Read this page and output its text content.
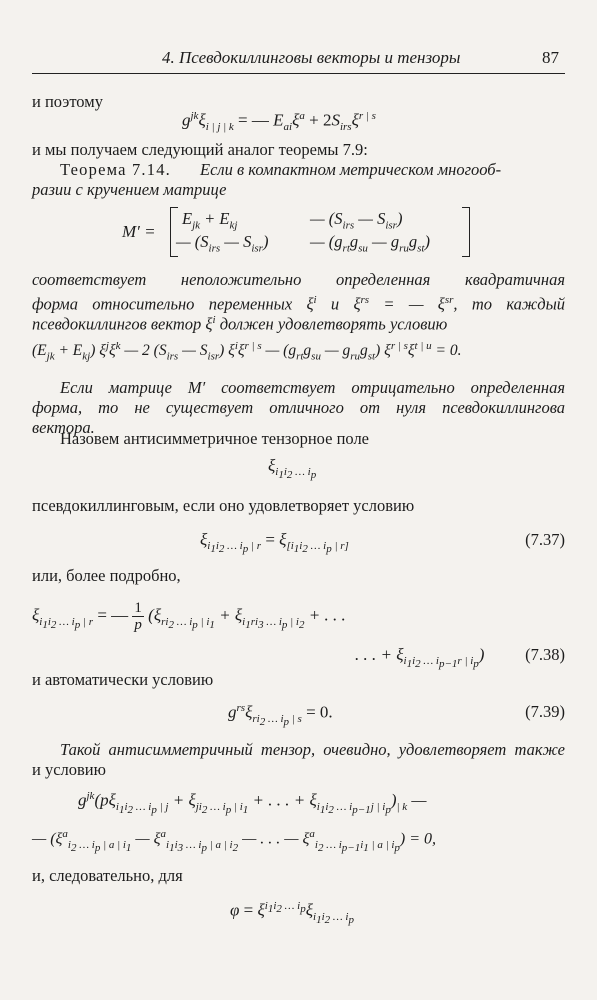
4. Псевдокиллинговы векторы и тензоры	87
и поэтому
$g^{jk}\xi_{i | j | k}$ = — $E_{ai}\xi^a + 2S_{irs}\xi^{r | s}$
и мы получаем следующий аналог теоремы 7.9:
Теорема 7.14. Если в компактном метрическом многооб-
разии с кручением матрице
M′ =
$E_{jk} + E_{kj}$	— ($S_{irs}$ — $S_{isr}$)
— ($S_{irs}$ — $S_{isr}$)	— ($g_{rt}g_{su}$ — $g_{ru}g_{st}$)
соответствует неположительно определенная квадратичная
форма относительно переменных $\xi^i$ и $\xi^{rs}$ = — $\xi^{sr}$, то каждый
псевдокиллингов вектор $\xi^i$ должен удовлетворять условию
$(E_{jk} + E_{kj})$ $\xi^j\xi^k$ — 2 ($S_{irs}$ — $S_{isr}$) $\xi^i\xi^{r | s}$ — ($g_{rt}g_{su}$ — $g_{ru}g_{st}$) $\xi^{r | s}\xi^{t | u} = 0$.
Если матрице M′ соответствует отрицательно определенная
форма, то не существует отличного от нуля псевдокиллингова
вектора.
Назовем антисимметричное тензорное поле
$\xi_{i_1i_2 \dots i_p}$
псевдокиллинговым, если оно удовлетворяет условию
$\xi_{i_1i_2 \dots i_p | r} = \xi_{[i_1i_2 \dots i_p | r]}$	(7.37)
или, более подробно,
$\xi_{i_1i_2 \dots i_p | r}$ = — $\frac{1}{p} (\xi_{ri_2 \dots i_p | i_1} + \xi_{i_1ri_3 \dots i_p | i_2}$ + . . .
. . . + $\xi_{i_1i_2 \dots i_{p-1}r | i_p}$) (7.38)
и автоматически условию
$g^{rs}\xi_{ri_2 \dots i_p | s} = 0$.	(7.39)
Такой антисимметричный тензор, очевидно, удовлетворяет также
и условию
$g^{jk}(p\xi_{i_1i_2 \dots i_p | j} + \xi_{ji_2 \dots i_p | i_1}$ + . . . + $\xi_{i_1i_2 \dots i_{p-1}j | i_p})_{| k}$ —
— ($\xi^a_{i_2 \dots i_p | a | i_1}$ — $\xi^a_{i_1i_3 \dots i_p | a | i_2}$ — . . . — $\xi^a_{i_2 \dots i_{p-1}i_1 | a | i_p}) = 0$,
и, следовательно, для
$\varphi = \xi^{i_1i_2 \dots i_p}\xi_{i_1i_2 \dots i_p}$
